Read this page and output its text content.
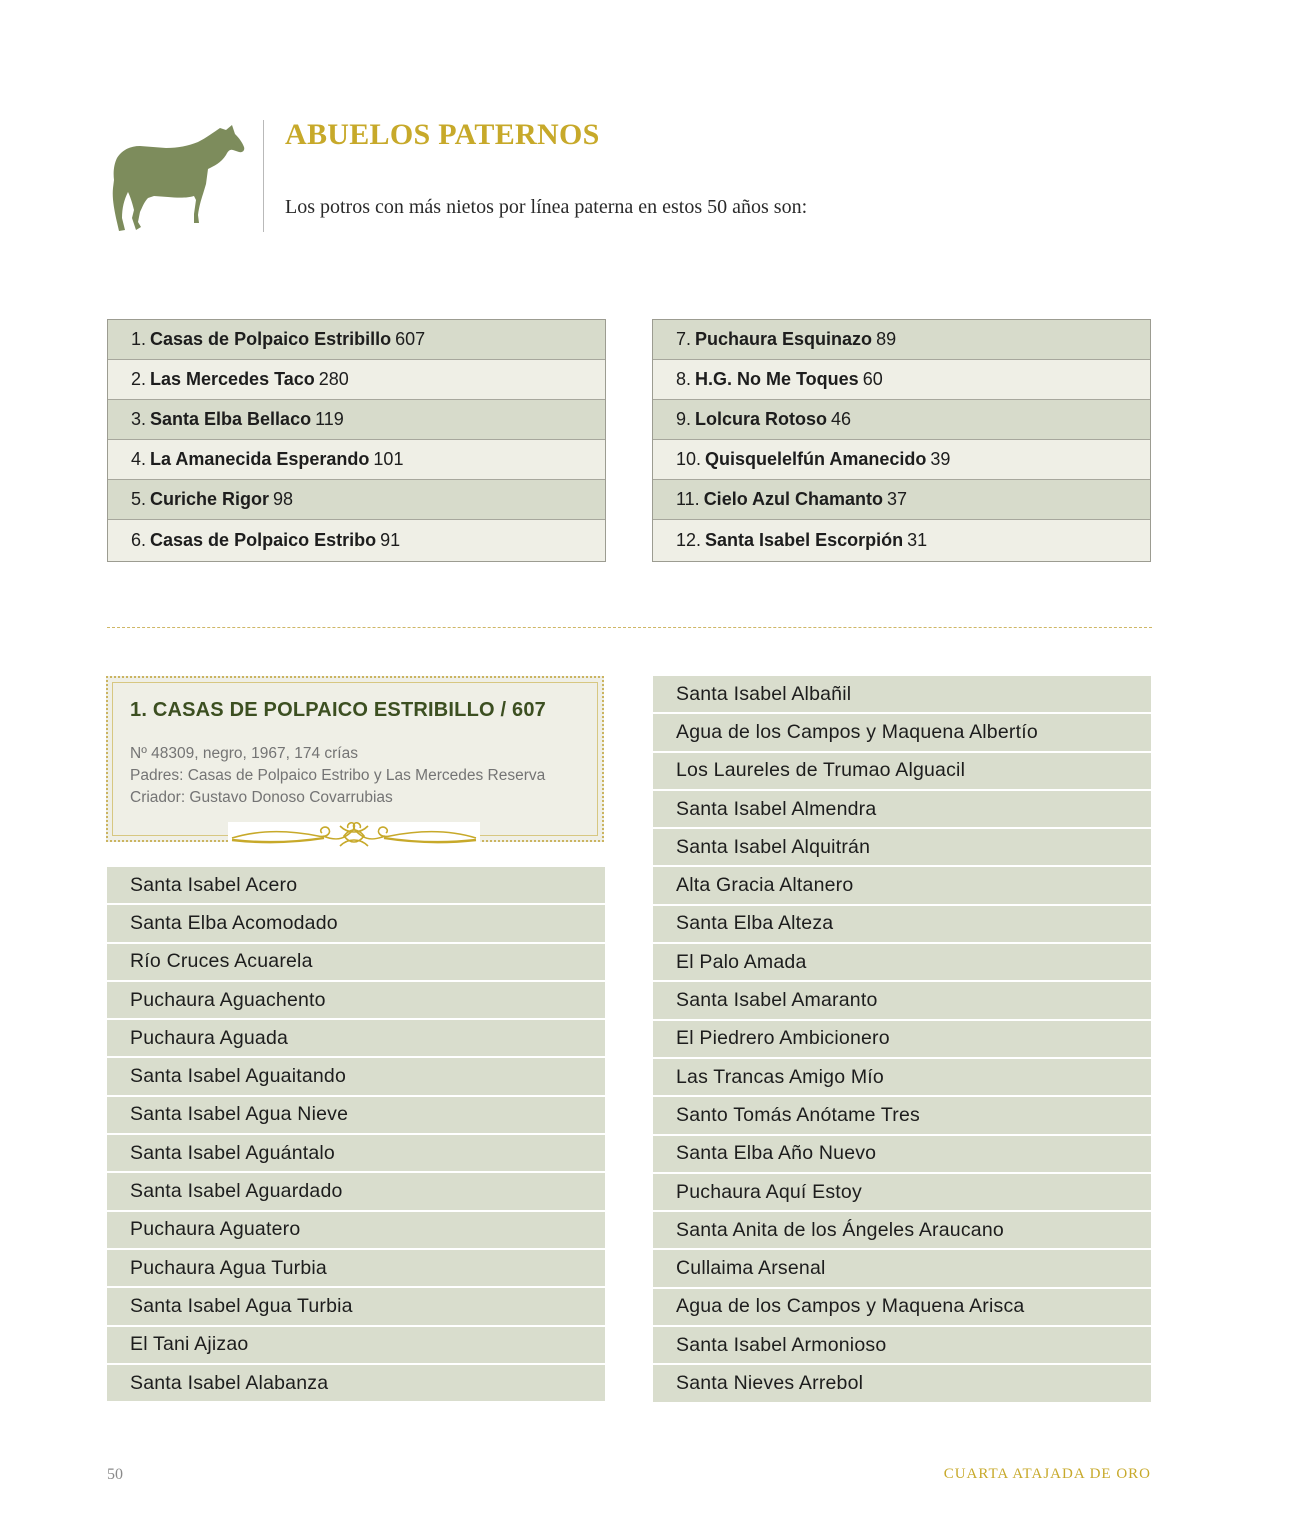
ABUELOS PATERNOS
Los potros con más nietos por línea paterna en estos 50 años son:
1. Casas de Polpaico Estribillo 607
2. Las Mercedes Taco 280
3. Santa Elba Bellaco 119
4. La Amanecida Esperando 101
5. Curiche Rigor 98
6. Casas de Polpaico Estribo 91
7. Puchaura Esquinazo 89
8. H.G. No Me Toques 60
9. Lolcura Rotoso 46
10. Quisquelelfún Amanecido 39
11. Cielo Azul Chamanto 37
12. Santa Isabel Escorpión 31
1. CASAS DE POLPAICO ESTRIBILLO / 607
Nº 48309, negro, 1967, 174 crías
Padres: Casas de Polpaico Estribo y Las Mercedes Reserva
Criador: Gustavo Donoso Covarrubias
Santa Isabel Acero
Santa Elba Acomodado
Río Cruces Acuarela
Puchaura Aguachento
Puchaura Aguada
Santa Isabel Aguaitando
Santa Isabel Agua Nieve
Santa Isabel Aguántalo
Santa Isabel Aguardado
Puchaura Aguatero
Puchaura Agua Turbia
Santa Isabel Agua Turbia
El Tani Ajizao
Santa Isabel Alabanza
Santa Isabel Albañil
Agua de los Campos y Maquena Albertío
Los Laureles de Trumao Alguacil
Santa Isabel Almendra
Santa Isabel Alquitrán
Alta Gracia Altanero
Santa Elba Alteza
El Palo Amada
Santa Isabel Amaranto
El Piedrero Ambicionero
Las Trancas Amigo Mío
Santo Tomás Anótame Tres
Santa Elba Año Nuevo
Puchaura Aquí Estoy
Santa Anita de los Ángeles Araucano
Cullaima Arsenal
Agua de los Campos y Maquena Arisca
Santa Isabel Armonioso
Santa Nieves Arrebol
50	CUARTA ATAJADA DE ORO
